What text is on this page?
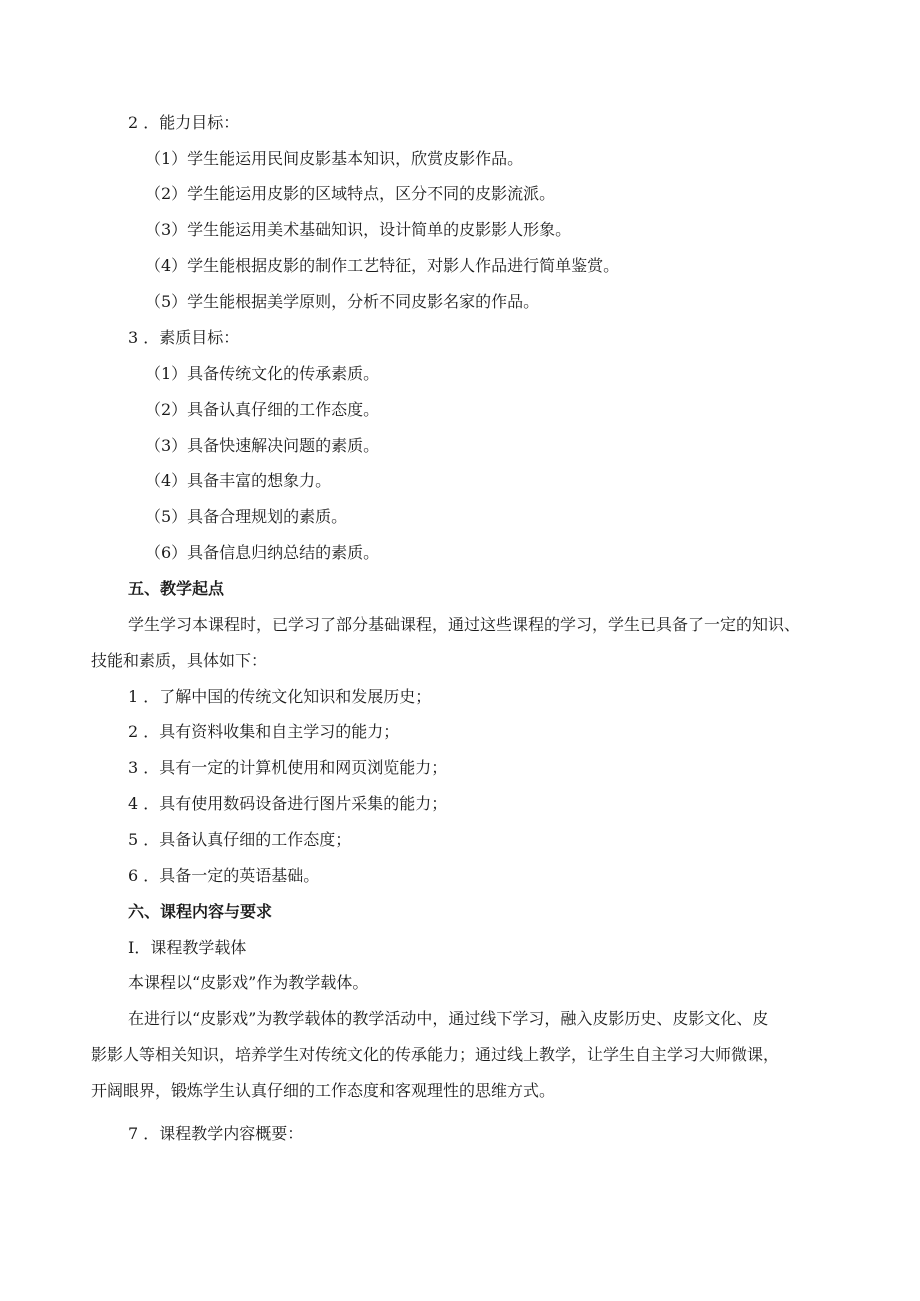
2 ．能力目标：
（1）学生能运用民间皮影基本知识，欣赏皮影作品。
（2）学生能运用皮影的区域特点，区分不同的皮影流派。
（3）学生能运用美术基础知识，设计简单的皮影影人形象。
（4）学生能根据皮影的制作工艺特征，对影人作品进行简单鉴赏。
（5）学生能根据美学原则，分析不同皮影名家的作品。
3 ．素质目标：
（1）具备传统文化的传承素质。
（2）具备认真仔细的工作态度。
（3）具备快速解决问题的素质。
（4）具备丰富的想象力。
（5）具备合理规划的素质。
（6）具备信息归纳总结的素质。
五、教学起点
学生学习本课程时，已学习了部分基础课程，通过这些课程的学习，学生已具备了一定的知识、
技能和素质，具体如下：
1 ．了解中国的传统文化知识和发展历史；
2 ．具有资料收集和自主学习的能力；
3 ．具有一定的计算机使用和网页浏览能力；
4 ．具有使用数码设备进行图片采集的能力；
5 ．具备认真仔细的工作态度；
6 ．具备一定的英语基础。
六、课程内容与要求
I．课程教学载体
本课程以“皮影戏”作为教学载体。
在进行以“皮影戏”为教学载体的教学活动中，通过线下学习，融入皮影历史、皮影文化、皮
影影人等相关知识，培养学生对传统文化的传承能力；通过线上教学，让学生自主学习大师微课，
开阔眼界，锻炼学生认真仔细的工作态度和客观理性的思维方式。
7 ．课程教学内容概要：
